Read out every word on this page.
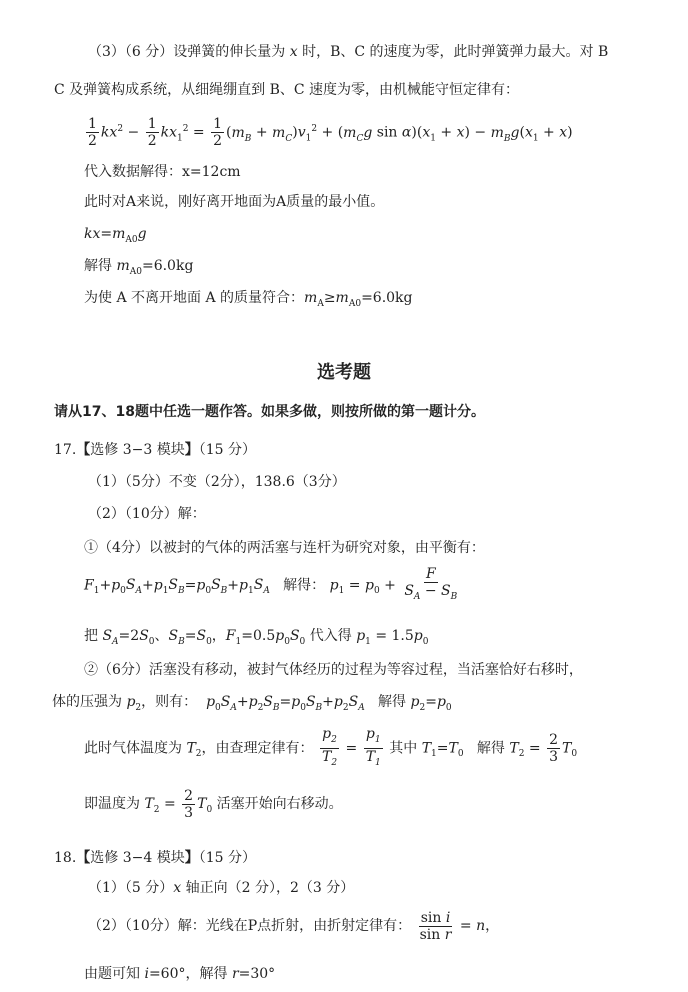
（3）（6 分）设弹簧的伸长量为 x 时，B、C 的速度为零，此时弹簧弹力最大。对 B
C 及弹簧构成系统，从细绳绷直到 B、C 速度为零，由机械能守恒定律有：
$\frac{1}{2} kx^2 - \frac{1}{2} kx_1^2 = \frac{1}{2} (m_B + m_C)v_1^2 + (m_Cg$ $\sin \alpha)(x_1 + x) - m_Bg(x_1 + x)$
代入数据解得：x=12cm
此时对A来说，刚好离开地面为A质量的最小值。
$kx=m_{A0}g$
解得 $m_{A0}=6.0kg$
为使 A 不离开地面 A 的质量符合：$m_A\ge m_{A0}=6.0kg$
选考题
请从17、18题中任选一题作答。如果多做，则按所做的第一题计分。
17.【选修 3−3 模块】（15 分）
（1）（5分）不变（2分），138.6（3分）
（2）（10分）解：
①（4分）以被封的气体的两活塞与连杆为研究对象，由平衡有：
$F_1+p_0S_A+p_1S_B=p_0S_B+p_1S_A$   解得： $p_1 = p_0 + \frac{F}{S_A - S_B}$
把 $S_A=2S_0$、$S_B=S_0$，$F_1=0.5p_0S_0$ 代入得 $p_1 = 1.5p_0$
②（6分）活塞没有移动，被封气体经历的过程为等容过程，当活塞恰好右移时，
体的压强为 $p_2$，则有：  $p_0S_A+p_2S_B=p_0S_B+p_2S_A$   解得 $p_2=p_0$
此时气体温度为 $T_2$，由查理定律有： $\frac{p_2}{T_2} = \frac{p_1}{T_1}$ 其中 $T_1=T_0$   解得 $T_2 = \frac{2}{3} T_0$
即温度为 $T_2 = \frac{2}{3} T_0$ 活塞开始向右移动。
18.【选修 3−4 模块】（15 分）
（1）（5 分）x 轴正向（2 分），2（3 分）
（2）（10分）解：光线在P点折射，由折射定律有： $\frac{\text{sin i}}{\text{sin r}} = n$，
由题可知 i=60°，解得 r=30°
